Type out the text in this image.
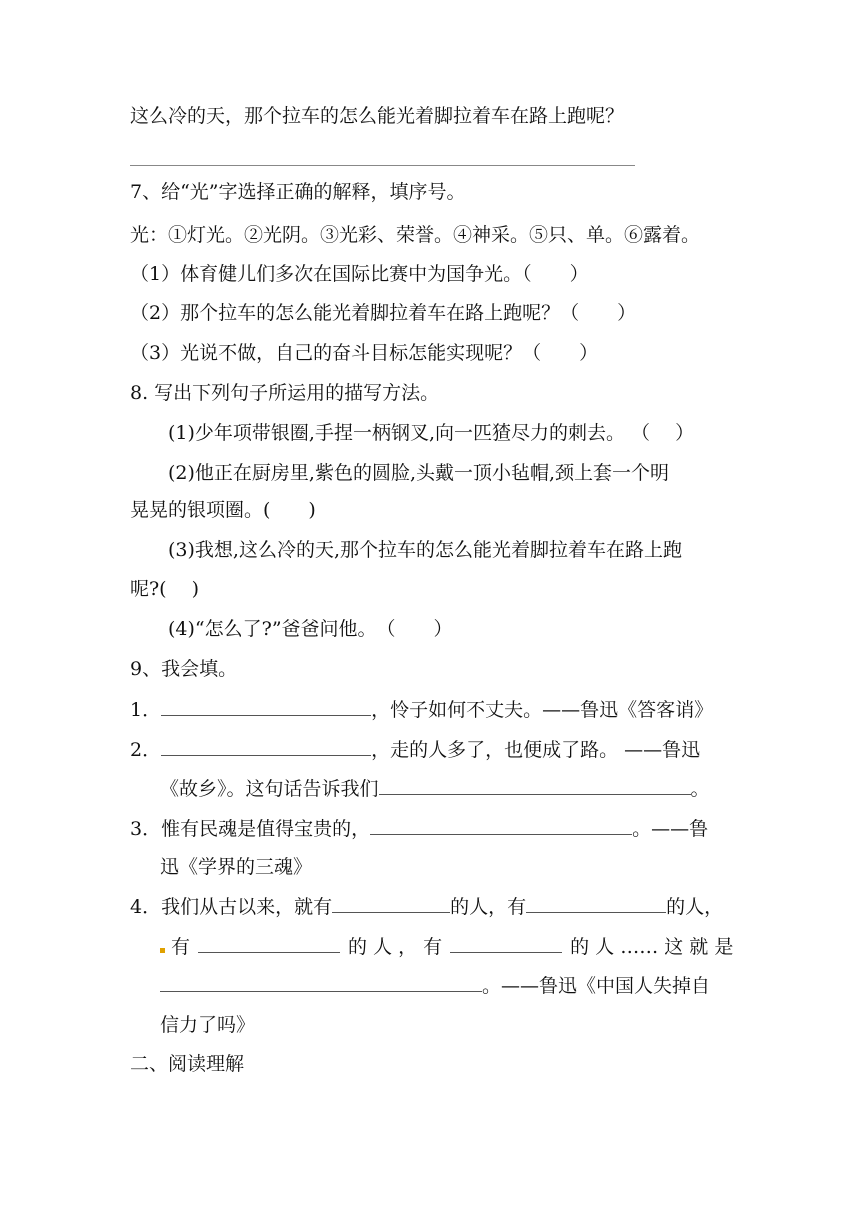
这么冷的天，那个拉车的怎么能光着脚拉着车在路上跑呢？
7、给“光”字选择正确的解释，填序号。
光：①灯光。②光阴。③光彩、荣誉。④神采。⑤只、单。⑥露着。
（1）体育健儿们多次在国际比赛中为国争光。（　　）
（2）那个拉车的怎么能光着脚拉着车在路上跑呢？（　　）
（3）光说不做，自己的奋斗目标怎能实现呢？（　　）
8. 写出下列句子所运用的描写方法。
(1)少年项带银圈,手捏一柄钢叉,向一匹猹尽力的刺去。 （　 ）
(2)他正在厨房里,紫色的圆脸,头戴一顶小毡帽,颈上套一个明
晃晃的银项圈。(　　)
(3)我想,这么冷的天,那个拉车的怎么能光着脚拉着车在路上跑
呢?(　 )
(4)“怎么了?”爸爸问他。　（　　）
9、我会填。
1．	，怜子如何不丈夫。——鲁迅《答客诮》
2．	，走的人多了，也便成了路。 ——鲁迅
《故乡》。这句话告诉我们	。
3．惟有民魂是值得宝贵的，	。——鲁
迅《学界的三魂》
4．我们从古以来，就有	的人，有	的人，
有	的 人 ， 有	的 人 …… 这 就 是
。——鲁迅《中国人失掉自
信力了吗》
二、阅读理解
